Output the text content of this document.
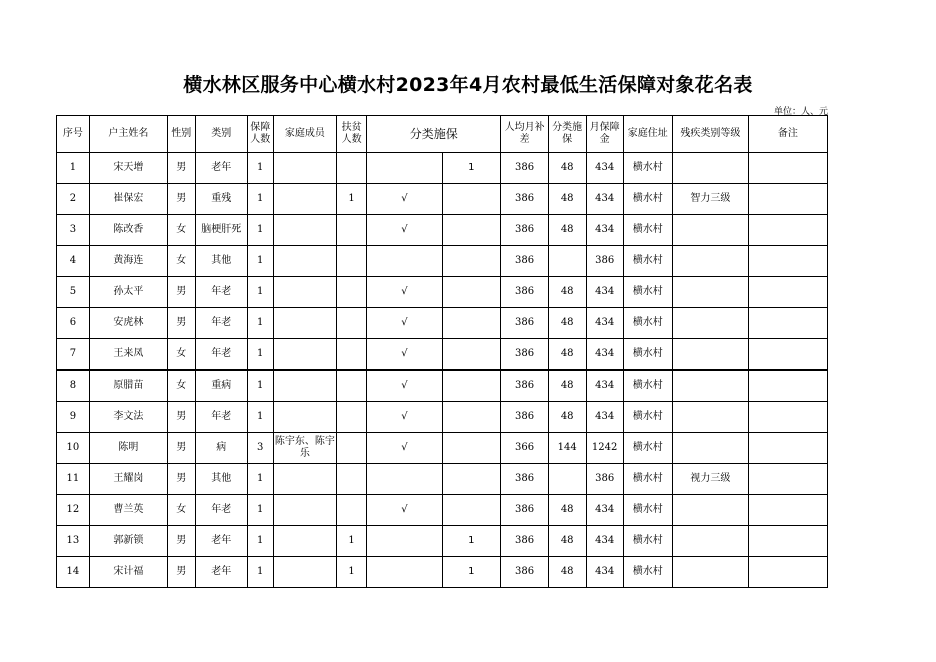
横水林区服务中心横水村2023年4月农村最低生活保障对象花名表
单位：人、元
序号	户主姓名	性别	类别	保障人数	家庭成员	扶贫人数	分类施保		人均月补差	分类施保	月保障金	家庭住址	残疾类别等级	备注
1	宋天增	男	老年	1				1	386	48	434	横水村		
2	崔保宏	男	重残	1		1	√		386	48	434	横水村	智力三级	
3	陈改香	女	脑梗肝死	1			√		386	48	434	横水村		
4	黄海连	女	其他	1					386		386	横水村		
5	孙太平	男	年老	1			√		386	48	434	横水村		
6	安虎林	男	年老	1			√		386	48	434	横水村		
7	王来凤	女	年老	1			√		386	48	434	横水村		
8	原腊苗	女	重病	1			√		386	48	434	横水村		
9	李文法	男	年老	1			√		386	48	434	横水村		
10	陈明	男	病	3	陈宇东、陈宇乐		√		366	144	1242	横水村		
11	王耀岗	男	其他	1					386		386	横水村	视力三级	
12	曹兰英	女	年老	1			√		386	48	434	横水村		
13	郭新锁	男	老年	1		1		1	386	48	434	横水村		
14	宋计福	男	老年	1		1		1	386	48	434	横水村		
